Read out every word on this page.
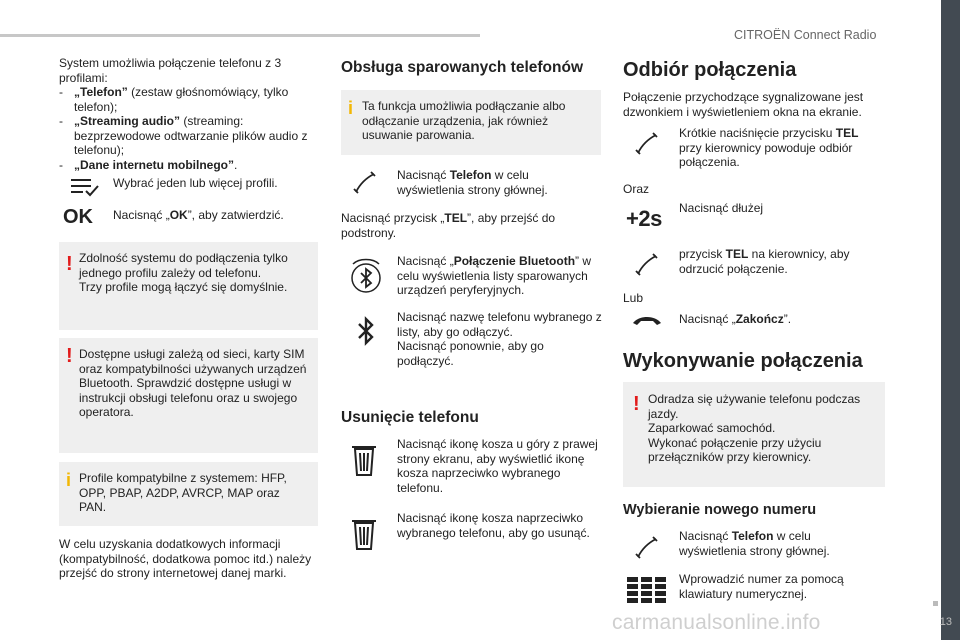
CITROËN Connect Radio
13
carmanualsonline.info

System umożliwia połączenie telefonu z 3 profilami:

- „Telefon” (zestaw głośnomówiący, tylko telefon);
- „Streaming audio” (streaming: bezprzewodowe odtwarzanie plików audio z telefonu);
- „Dane internetu mobilnego”.
Wybrać jeden lub więcej profili.
OK Nacisnąć „OK”, aby zatwierdzić.
! Zdolność systemu do podłączenia tylko jednego profilu zależy od telefonu.
Trzy profile mogą łączyć się domyślnie.
! Dostępne usługi zależą od sieci, karty SIM oraz kompatybilności używanych urządzeń Bluetooth. Sprawdzić dostępne usługi w instrukcji obsługi telefonu oraz u swojego operatora.
i Profile kompatybilne z systemem: HFP, OPP, PBAP, A2DP, AVRCP, MAP oraz PAN.
W celu uzyskania dodatkowych informacji (kompatybilność, dodatkowa pomoc itd.) należy przejść do strony internetowej danej marki.
Obsługa sparowanych telefonów
i Ta funkcja umożliwia podłączanie albo odłączanie urządzenia, jak również usuwanie parowania.
Nacisnąć Telefon w celu wyświetlenia strony głównej.
Nacisnąć przycisk „TEL”, aby przejść do podstrony.
Nacisnąć „Połączenie Bluetooth” w celu wyświetlenia listy sparowanych urządzeń peryferyjnych.
Nacisnąć nazwę telefonu wybranego z listy, aby go odłączyć.
Nacisnąć ponownie, aby go podłączyć.
Usunięcie telefonu
Nacisnąć ikonę kosza u góry z prawej strony ekranu, aby wyświetlić ikonę kosza naprzeciwko wybranego telefonu.
Nacisnąć ikonę kosza naprzeciwko wybranego telefonu, aby go usunąć.
Odbiór połączenia
Połączenie przychodzące sygnalizowane jest dzwonkiem i wyświetleniem okna na ekranie.
Krótkie naciśnięcie przycisku TEL przy kierownicy powoduje odbiór połączenia.
Oraz
+2s Nacisnąć dłużej
przycisk TEL na kierownicy, aby odrzucić połączenie.
Lub
Nacisnąć „Zakończ”.
Wykonywanie połączenia
! Odradza się używanie telefonu podczas jazdy.
Zaparkować samochód.
Wykonać połączenie przy użyciu przełączników przy kierownicy.
Wybieranie nowego numeru
Nacisnąć Telefon w celu wyświetlenia strony głównej.
Wprowadzić numer za pomocą klawiatury numerycznej.
